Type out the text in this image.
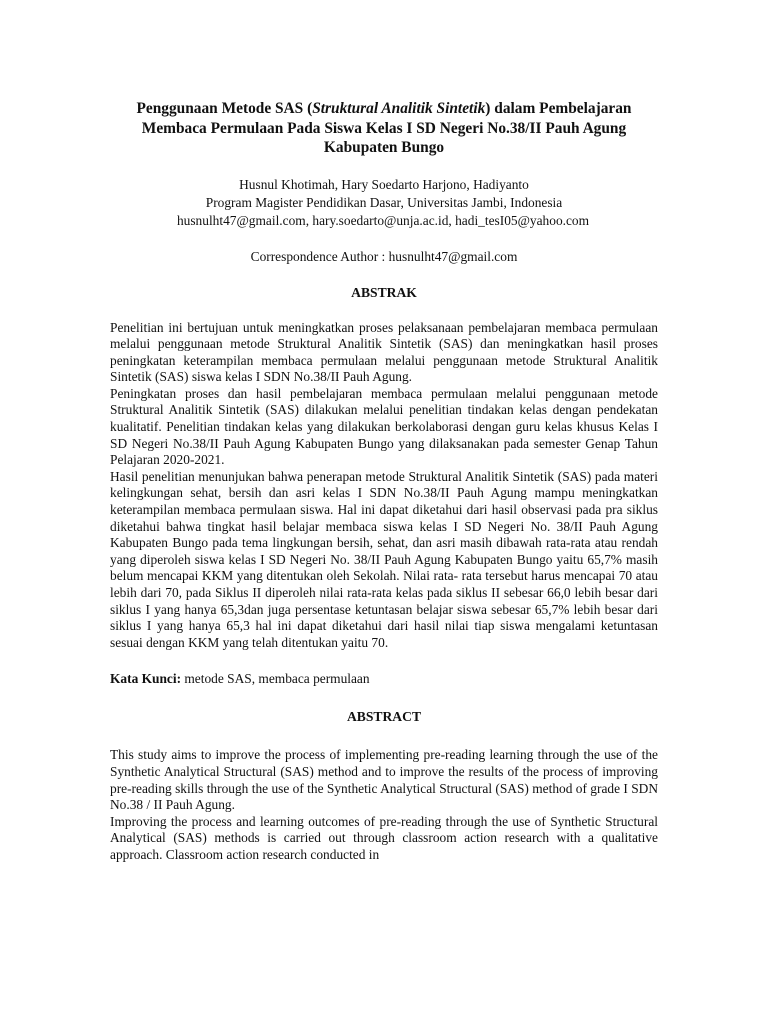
Penggunaan Metode SAS (Struktural Analitik Sintetik) dalam Pembelajaran Membaca Permulaan Pada Siswa Kelas I SD Negeri No.38/II Pauh Agung Kabupaten Bungo
Husnul Khotimah, Hary Soedarto Harjono, Hadiyanto
Program Magister Pendidikan Dasar, Universitas Jambi, Indonesia
husnulht47@gmail.com, hary.soedarto@unja.ac.id, hadi_tesI05@yahoo.com
Correspondence Author : husnulht47@gmail.com
ABSTRAK

Penelitian ini bertujuan untuk meningkatkan proses pelaksanaan pembelajaran membaca permulaan melalui penggunaan metode Struktural Analitik Sintetik (SAS) dan meningkatkan hasil proses peningkatan keterampilan membaca permulaan melalui penggunaan metode Struktural Analitik Sintetik (SAS) siswa kelas I SDN No.38/II Pauh Agung.

Peningkatan proses dan hasil pembelajaran membaca permulaan melalui penggunaan metode Struktural Analitik Sintetik (SAS) dilakukan melalui penelitian tindakan kelas dengan pendekatan kualitatif. Penelitian tindakan kelas yang dilakukan berkolaborasi dengan guru kelas khusus Kelas I SD Negeri No.38/II Pauh Agung Kabupaten Bungo yang dilaksanakan pada semester Genap Tahun Pelajaran 2020-2021.

Hasil penelitian menunjukan bahwa penerapan metode Struktural Analitik Sintetik (SAS) pada materi kelingkungan sehat, bersih dan asri kelas I SDN No.38/II Pauh Agung mampu meningkatkan keterampilan membaca permulaan siswa. Hal ini dapat diketahui dari hasil observasi pada pra siklus diketahui bahwa tingkat hasil belajar membaca siswa kelas I SD Negeri No. 38/II Pauh Agung Kabupaten Bungo pada tema lingkungan bersih, sehat, dan asri masih dibawah rata-rata atau rendah yang diperoleh siswa kelas I SD Negeri No. 38/II Pauh Agung Kabupaten Bungo yaitu 65,7% masih belum mencapai KKM yang ditentukan oleh Sekolah. Nilai rata- rata tersebut harus mencapai 70 atau lebih dari 70, pada Siklus II diperoleh nilai rata-rata kelas pada siklus II sebesar 66,0 lebih besar dari siklus I yang hanya 65,3dan juga persentase ketuntasan belajar siswa sebesar 65,7% lebih besar dari siklus I yang hanya 65,3 hal ini dapat diketahui dari hasil nilai tiap siswa mengalami ketuntasan sesuai dengan KKM yang telah ditentukan yaitu 70.

Kata Kunci: metode SAS, membaca permulaan
ABSTRACT

This study aims to improve the process of implementing pre-reading learning through the use of the Synthetic Analytical Structural (SAS) method and to improve the results of the process of improving pre-reading skills through the use of the Synthetic Analytical Structural (SAS) method of grade I SDN No.38 / II Pauh Agung.

Improving the process and learning outcomes of pre-reading through the use of Synthetic Structural Analytical (SAS) methods is carried out through classroom action research with a qualitative approach. Classroom action research conducted in
